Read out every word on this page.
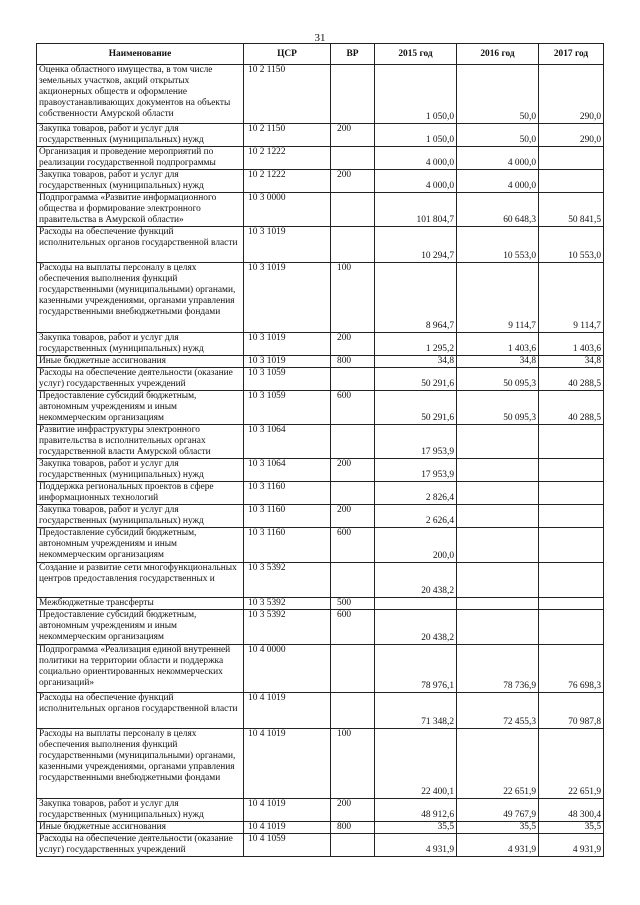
31
Наименование	ЦСР	ВР	2015 год	2016 год	2017 год
Оценка областного имущества, в том числе земельных участков, акций открытых акционерных обществ и оформление правоустанавливающих документов на объекты собственности Амурской области	10 2 1150		1 050,0	50,0	290,0
Закупка товаров, работ и услуг для государственных (муниципальных) нужд	10 2 1150	200	1 050,0	50,0	290,0
Организация и проведение мероприятий по реализации государственной подпрограммы	10 2 1222		4 000,0	4 000,0	
Закупка товаров, работ и услуг для государственных (муниципальных) нужд	10 2 1222	200	4 000,0	4 000,0	
Подпрограмма «Развитие информационного общества и формирование электронного правительства в Амурской области»	10 3 0000		101 804,7	60 648,3	50 841,5
Расходы на обеспечение функций исполнительных органов государственной власти	10 3 1019		10 294,7	10 553,0	10 553,0
Расходы на выплаты персоналу в целях обеспечения выполнения функций государственными (муниципальными) органами, казенными учреждениями, органами управления государственными внебюджетными фондами	10 3 1019	100	8 964,7	9 114,7	9 114,7
Закупка товаров, работ и услуг для государственных (муниципальных) нужд	10 3 1019	200	1 295,2	1 403,6	1 403,6
Иные бюджетные ассигнования	10 3 1019	800	34,8	34,8	34,8
Расходы на обеспечение деятельности (оказание услуг) государственных учреждений	10 3 1059		50 291,6	50 095,3	40 288,5
Предоставление субсидий бюджетным, автономным учреждениям и иным некоммерческим организациям	10 3 1059	600	50 291,6	50 095,3	40 288,5
Развитие инфраструктуры электронного правительства в исполнительных органах государственной власти Амурской области	10 3 1064		17 953,9		
Закупка товаров, работ и услуг для государственных (муниципальных) нужд	10 3 1064	200	17 953,9		
Поддержка региональных проектов в сфере информационных технологий	10 3 1160		2 826,4		
Закупка товаров, работ и услуг для государственных (муниципальных) нужд	10 3 1160	200	2 626,4		
Предоставление субсидий бюджетным, автономным учреждениям и иным некоммерческим организациям	10 3 1160	600	200,0		
Создание и развитие сети многофункциональных центров предоставления государственных и	10 3 5392		20 438,2		
Межбюджетные трансферты	10 3 5392	500			
Предоставление субсидий бюджетным, автономным учреждениям и иным некоммерческим организациям	10 3 5392	600	20 438,2		
Подпрограмма «Реализация единой внутренней политики на территории области и поддержка социально ориентированных некоммерческих организаций»	10 4 0000		78 976,1	78 736,9	76 698,3
Расходы на обеспечение функций исполнительных органов государственной власти	10 4 1019		71 348,2	72 455,3	70 987,8
Расходы на выплаты персоналу в целях обеспечения выполнения функций государственными (муниципальными) органами, казенными учреждениями, органами управления государственными внебюджетными фондами	10 4 1019	100	22 400,1	22 651,9	22 651,9
Закупка товаров, работ и услуг для государственных (муниципальных) нужд	10 4 1019	200	48 912,6	49 767,9	48 300,4
Иные бюджетные ассигнования	10 4 1019	800	35,5	35,5	35,5
Расходы на обеспечение деятельности (оказание услуг) государственных учреждений	10 4 1059		4 931,9	4 931,9	4 931,9
